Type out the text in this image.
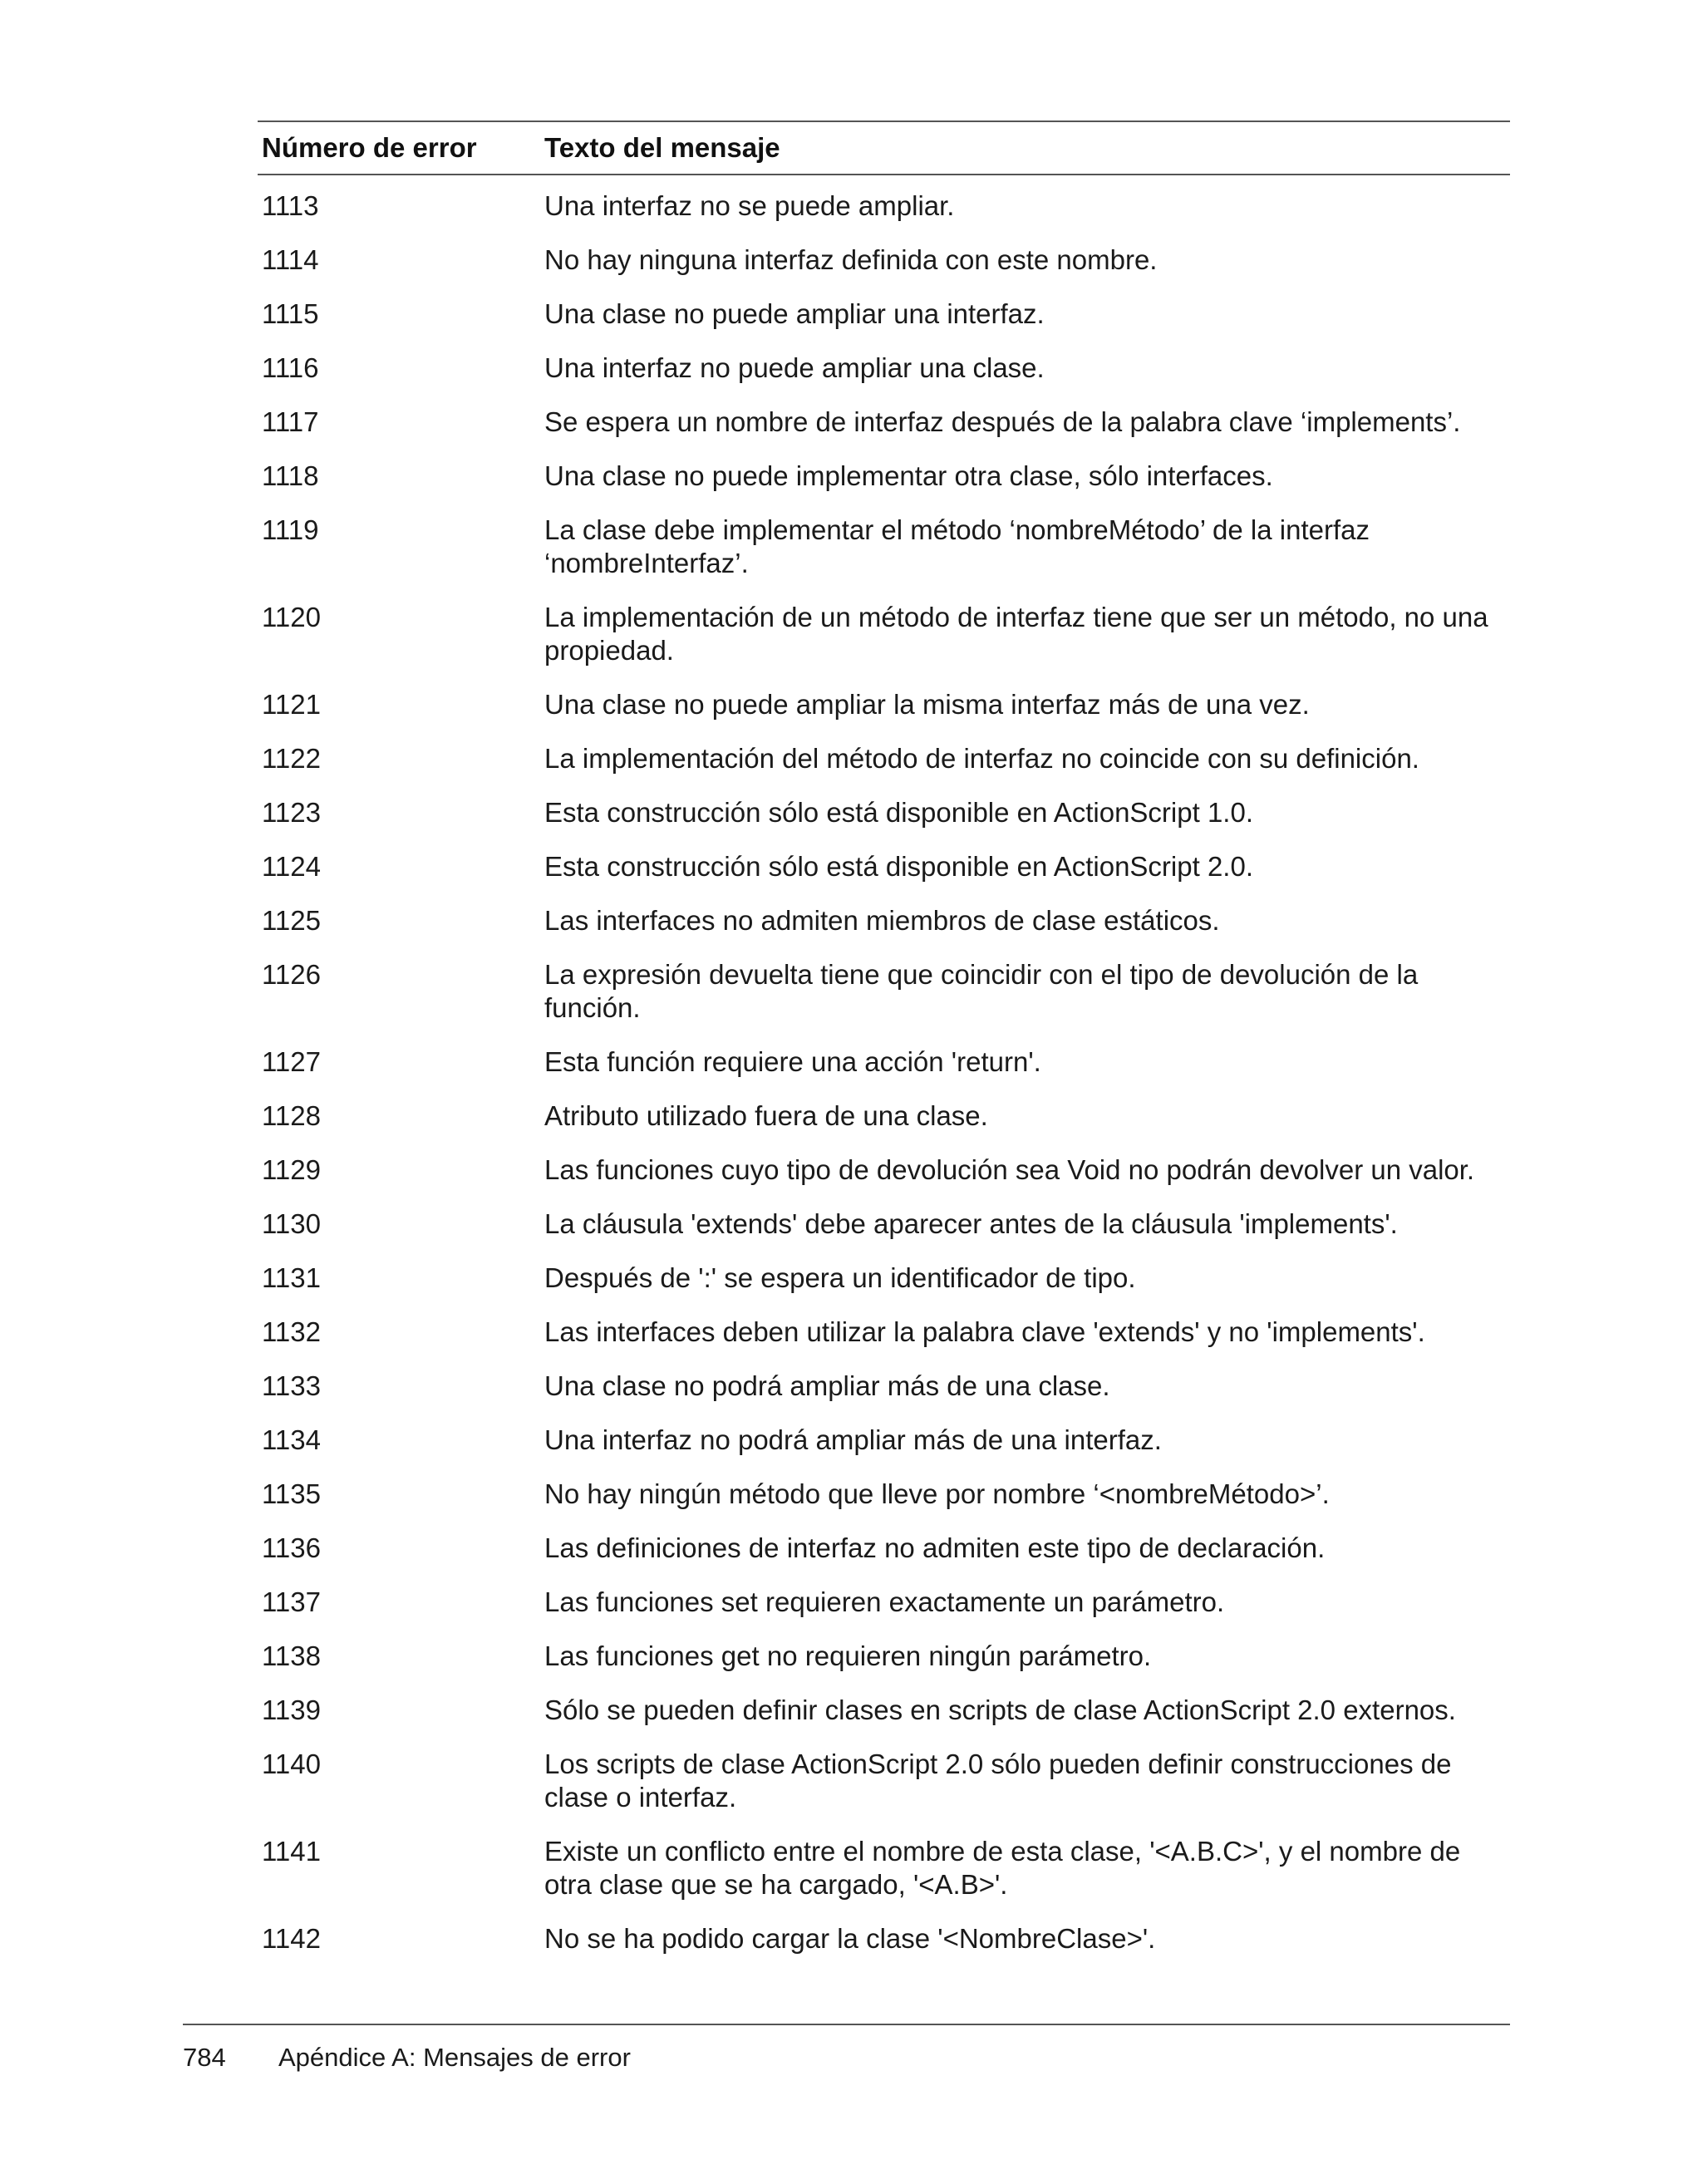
Número de error	Texto del mensaje
1113	Una interfaz no se puede ampliar.
1114	No hay ninguna interfaz definida con este nombre.
1115	Una clase no puede ampliar una interfaz.
1116	Una interfaz no puede ampliar una clase.
1117	Se espera un nombre de interfaz después de la palabra clave ‘implements’.
1118	Una clase no puede implementar otra clase, sólo interfaces.
1119	La clase debe implementar el método ‘nombreMétodo’ de la interfaz ‘nombreInterfaz’.
1120	La implementación de un método de interfaz tiene que ser un método, no una propiedad.
1121	Una clase no puede ampliar la misma interfaz más de una vez.
1122	La implementación del método de interfaz no coincide con su definición.
1123	Esta construcción sólo está disponible en ActionScript 1.0.
1124	Esta construcción sólo está disponible en ActionScript 2.0.
1125	Las interfaces no admiten miembros de clase estáticos.
1126	La expresión devuelta tiene que coincidir con el tipo de devolución de la función.
1127	Esta función requiere una acción 'return'.
1128	Atributo utilizado fuera de una clase.
1129	Las funciones cuyo tipo de devolución sea Void no podrán devolver un valor.
1130	La cláusula 'extends' debe aparecer antes de la cláusula 'implements'.
1131	Después de ':' se espera un identificador de tipo.
1132	Las interfaces deben utilizar la palabra clave 'extends' y no 'implements'.
1133	Una clase no podrá ampliar más de una clase.
1134	Una interfaz no podrá ampliar más de una interfaz.
1135	No hay ningún método que lleve por nombre ‘<nombreMétodo>’.
1136	Las definiciones de interfaz no admiten este tipo de declaración.
1137	Las funciones set requieren exactamente un parámetro.
1138	Las funciones get no requieren ningún parámetro.
1139	Sólo se pueden definir clases en scripts de clase ActionScript 2.0 externos.
1140	Los scripts de clase ActionScript 2.0 sólo pueden definir construcciones de clase o interfaz.
1141	Existe un conflicto entre el nombre de esta clase, '<A.B.C>', y el nombre de otra clase que se ha cargado, '<A.B>'.
1142	No se ha podido cargar la clase '<NombreClase>'.
784	Apéndice A: Mensajes de error
